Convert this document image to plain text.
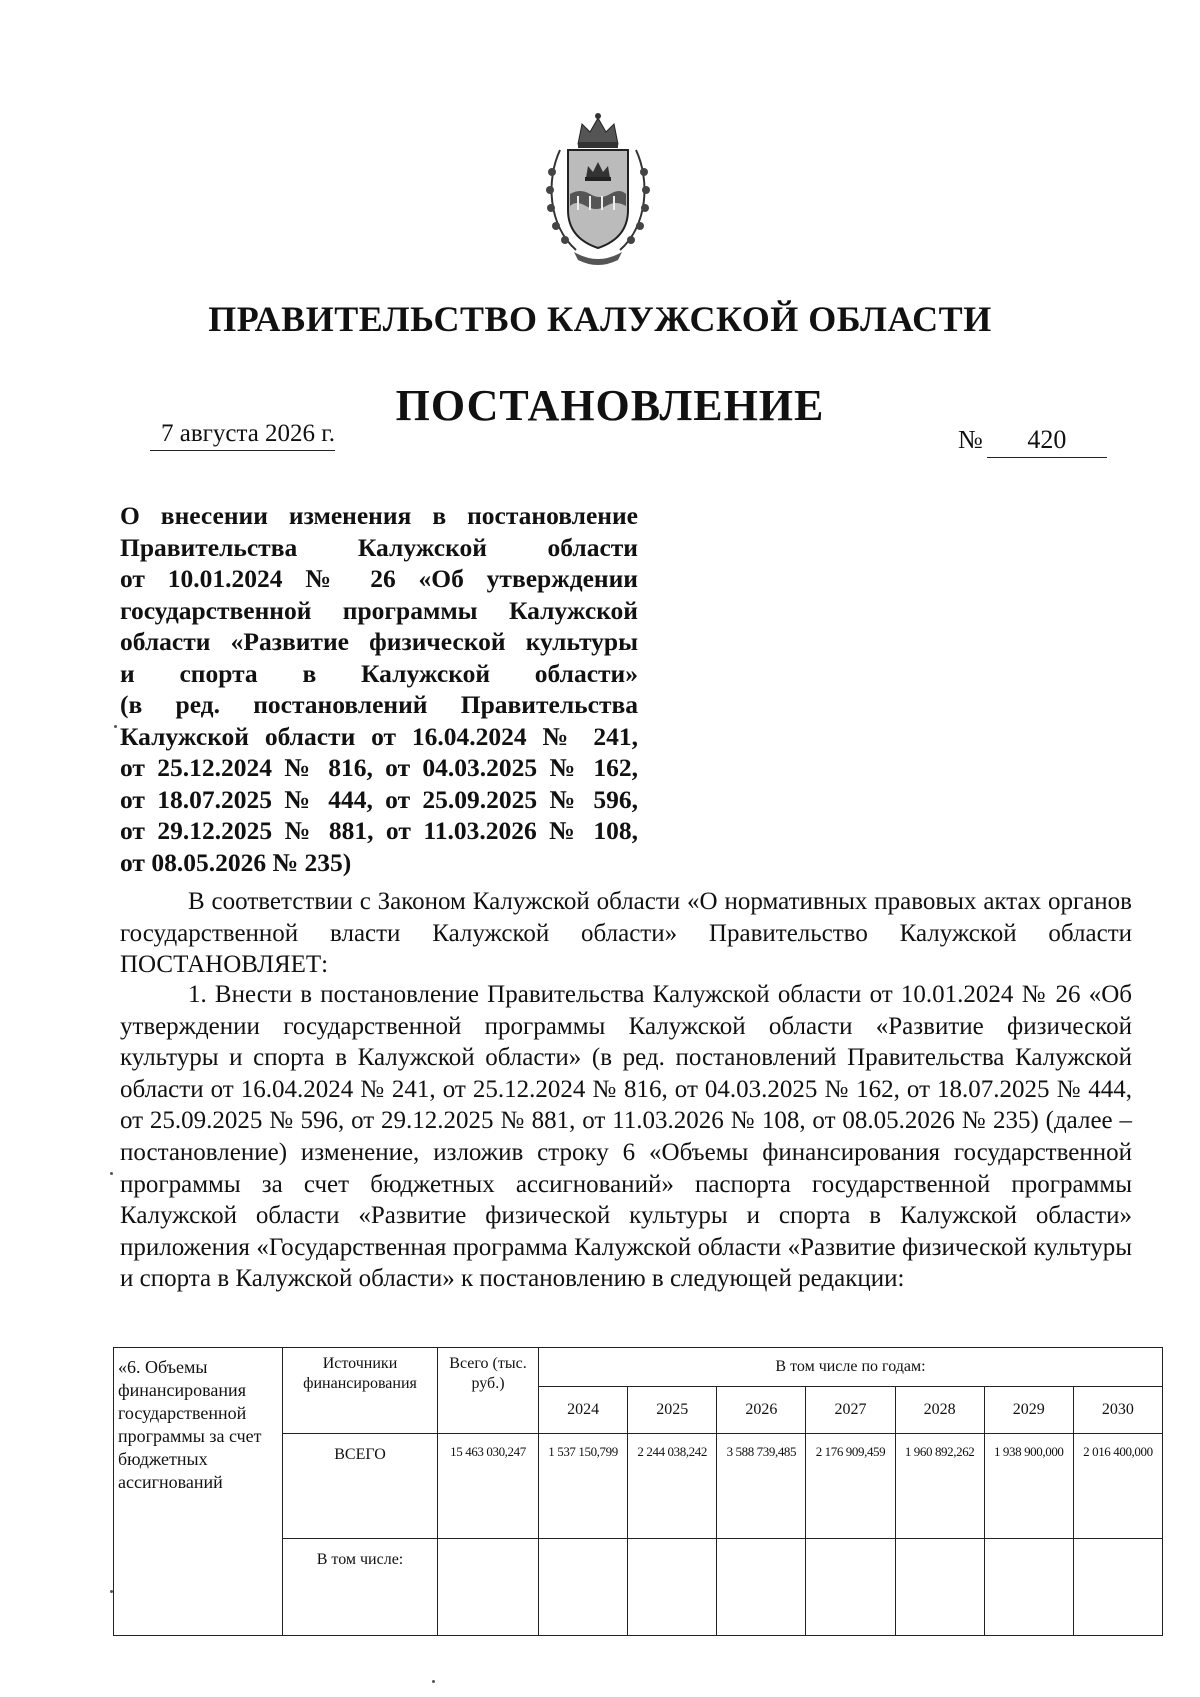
ПРАВИТЕЛЬСТВО КАЛУЖСКОЙ ОБЛАСТИ
ПОСТАНОВЛЕНИЕ
7 августа 2026 г.	№ 420
О внесении изменения в постановление
Правительства Калужской области
от 10.01.2024 № 26 «Об утверждении
государственной программы Калужской
области «Развитие физической культуры
и спорта в Калужской области»
(в ред. постановлений Правительства
Калужской области от 16.04.2024 № 241,
от 25.12.2024 № 816, от 04.03.2025 № 162,
от 18.07.2025 № 444, от 25.09.2025 № 596,
от 29.12.2025 № 881, от 11.03.2026 № 108,
от 08.05.2026 № 235)
В соответствии с Законом Калужской области «О нормативных правовых актах органов государственной власти Калужской области» Правительство Калужской области ПОСТАНОВЛЯЕТ:
1. Внести в постановление Правительства Калужской области от 10.01.2024 № 26 «Об утверждении государственной программы Калужской области «Развитие физической культуры и спорта в Калужской области» (в ред. постановлений Правительства Калужской области от 16.04.2024 № 241, от 25.12.2024 № 816, от 04.03.2025 № 162, от 18.07.2025 № 444, от 25.09.2025 № 596, от 29.12.2025 № 881, от 11.03.2026 № 108, от 08.05.2026 № 235) (далее – постановление) изменение, изложив строку 6 «Объемы финансирования государственной программы за счет бюджетных ассигнований» паспорта государственной программы Калужской области «Развитие физической культуры и спорта в Калужской области» приложения «Государственная программа Калужской области «Развитие физической культуры и спорта в Калужской области» к постановлению в следующей редакции:
«6. Объемы финансирования государственной программы за счет бюджетных ассигнований	Источники финансирования	Всего (тыс. руб.)	В том числе по годам:						
			2024	2025	2026	2027	2028	2029	2030
	ВСЕГО	15 463 030,247	1 537 150,799	2 244 038,242	3 588 739,485	2 176 909,459	1 960 892,262	1 938 900,000	2 016 400,000
	В том числе:								
